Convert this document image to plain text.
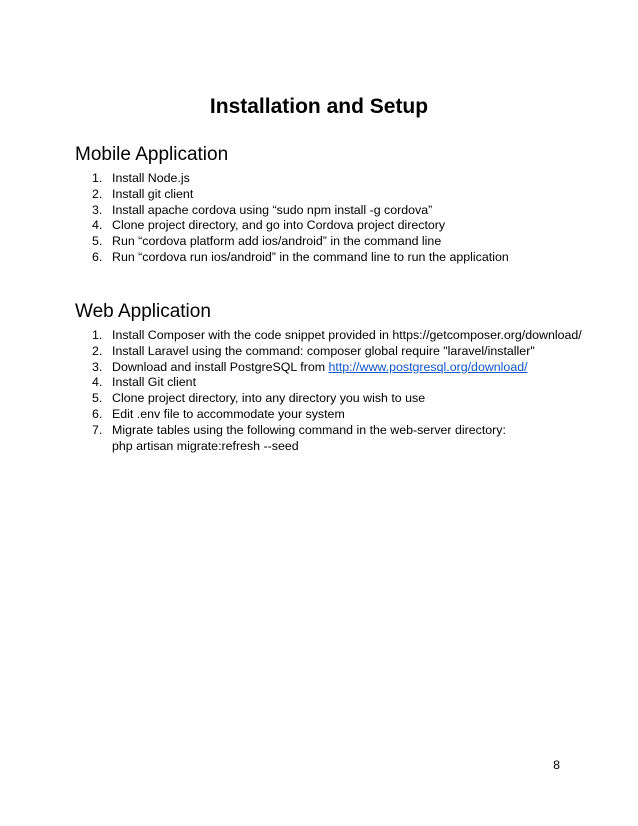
Installation and Setup
Mobile Application
1. Install Node.js
2. Install git client
3. Install apache cordova using “sudo npm install -g cordova”
4. Clone project directory, and go into Cordova project directory
5. Run “cordova platform add ios/android” in the command line
6. Run “cordova run ios/android” in the command line to run the application
Web Application
1. Install Composer with the code snippet provided in https://getcomposer.org/download/
2. Install Laravel using the command: composer global require "laravel/installer"
3. Download and install PostgreSQL from http://www.postgresql.org/download/
4. Install Git client
5. Clone project directory, into any directory you wish to use
6. Edit .env file to accommodate your system
7. Migrate tables using the following command in the web-server directory:
php artisan migrate:refresh --seed
8
